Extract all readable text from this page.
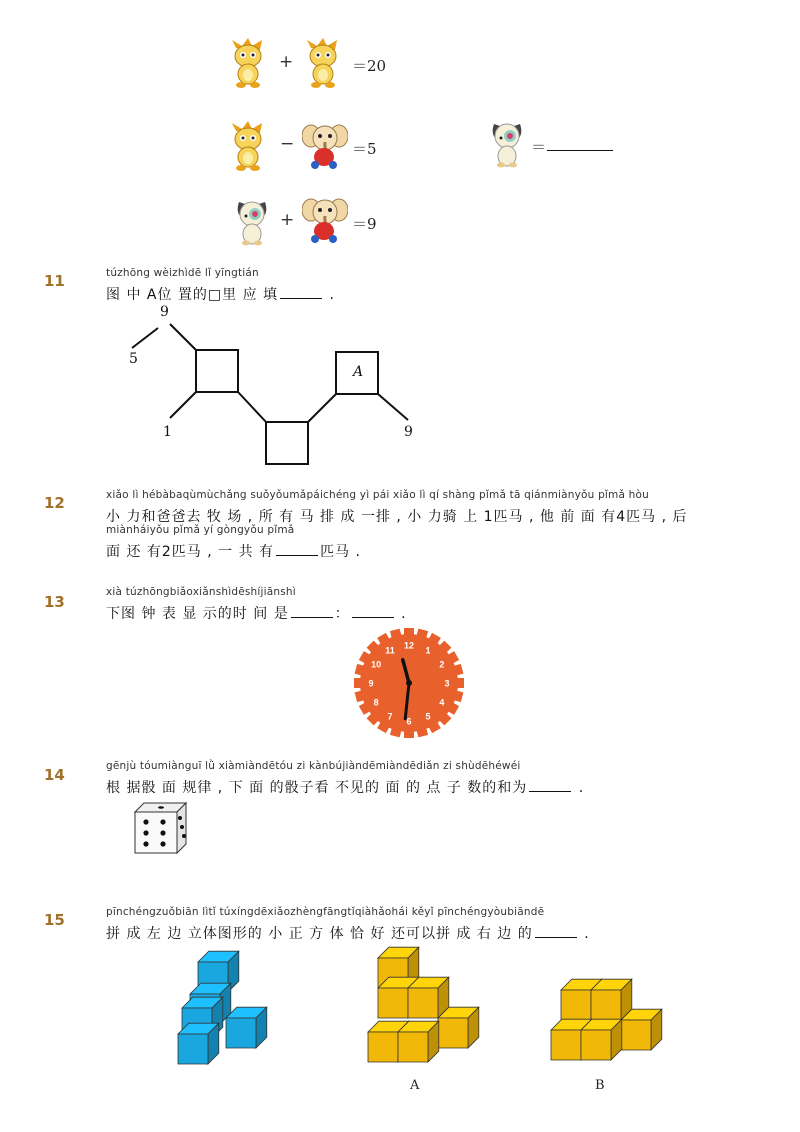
+	＝20
−	＝5	＝
+	＝9
11	túzhōng wèizhìdē lǐ yīngtián
图 中 A位 置的□里 应 填	.
9
5
1	9
A
12	xiǎo lì hébàbaqùmùchǎng suǒyǒumǎpáichéng yì pái xiǎo lì qí shàng pǐmǎ tā qiánmiànyǒu pǐmǎ hòu
小 力和爸爸去 牧 场 , 所 有 马 排 成 一排 , 小 力骑 上 1匹马 , 他 前 面 有4匹马 , 后
miànháiyǒu pǐmǎ yí gòngyǒu pǐmǎ
面 还 有2匹马 , 一 共 有	匹马 .
13
xià túzhōngbiǎoxiǎnshìdēshíjiānshì
下图 钟 表 显 示的时 间 是	：	.
12
1
2
3
4
5
6
7
8
9
10
11
14	gēnjù tóumiànguī lǜ xiàmiàndētóu zi kànbújiàndēmiàndēdiǎn zi shùdēhéwéi
根 据骰 面 规律 , 下 面 的骰子看 不见的 面 的 点 子 数的和为	.
15	pīnchéngzuǒbiān lìtǐ túxíngdēxiǎozhèngfāngtǐqiàhǎohái kěyǐ pīnchéngyòubiāndē
拼 成 左 边 立体图形的 小 正 方 体 恰 好 还可以拼 成 右 边 的	.
A	B
